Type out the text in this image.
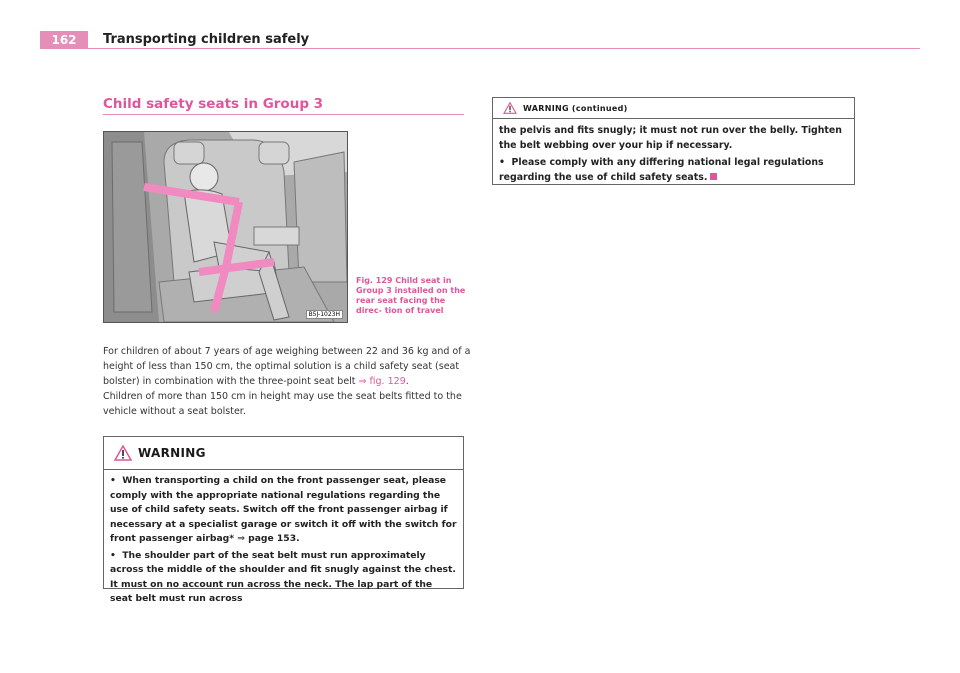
162	Transporting children safely
Child safety seats in Group 3
B5J-1023H
Fig. 129 Child seat in Group 3 installed on the rear seat facing the direc- tion of travel

For children of about 7 years of age weighing between 22 and 36 kg and of a height of less than 150 cm, the optimal solution is a child safety seat (seat bolster) in combination with the three-point seat belt ⇒ fig. 129.

Children of more than 150 cm in height may use the seat belts fitted to the vehicle without a seat bolster.

WARNING

• When transporting a child on the front passenger seat, please comply with the appropriate national regulations regarding the use of child safety seats. Switch off the front passenger airbag if necessary at a specialist garage or switch it off with the switch for front passenger airbag* ⇒ page 153.

• The shoulder part of the seat belt must run approximately across the middle of the shoulder and fit snugly against the chest. It must on no account run across the neck. The lap part of the seat belt must run across

WARNING (continued)

the pelvis and fits snugly; it must not run over the belly. Tighten the belt webbing over your hip if necessary.

• Please comply with any differing national legal regulations regarding the use of child safety seats.
